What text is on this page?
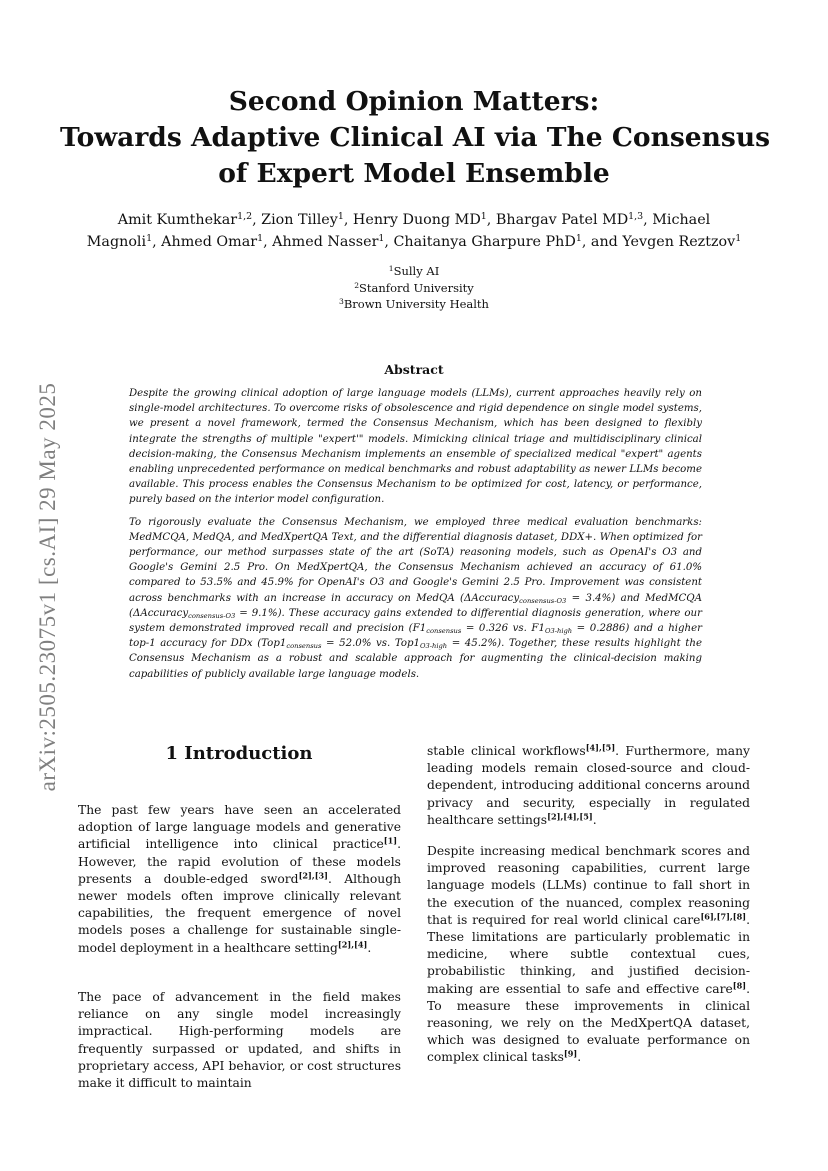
arXiv:2505.23075v1 [cs.AI] 29 May 2025
Second Opinion Matters:
Towards Adaptive Clinical AI via The Consensus
of Expert Model Ensemble
Amit Kumthekar$^{1,2}$, Zion Tilley$^1$, Henry Duong $MD^1$, Bhargav Patel MD$^{1,3}$, Michael
Magnoli$^1$, Ahmed Omar$^1$, Ahmed Nasser$^1$, Chaitanya Gharpure PhD$^1$, and Yevgen Reztzov$^1$
$^1$Sully AI
$^2$Stanford University
$^3$Brown University Health
Abstract

Despite the growing clinical adoption of large language models (LLMs), current approaches heavily rely on single-model architectures. To overcome risks of obsolescence and rigid dependence on single model systems, we present a novel framework, termed the Consensus Mechanism, which has been designed to flexibly integrate the strengths of multiple "expert'" models. Mimicking clinical triage and multidisciplinary clinical decision-making, the Consensus Mechanism implements an ensemble of specialized medical "expert" agents enabling unprecedented performance on medical benchmarks and robust adaptability as newer LLMs become available. This process enables the Consensus Mechanism to be optimized for cost, latency, or performance, purely based on the interior model configuration.

To rigorously evaluate the Consensus Mechanism, we employed three medical evaluation benchmarks: MedMCQA, MedQA, and MedXpertQA Text, and the differential diagnosis dataset, DDX+. When optimized for performance, our method surpasses state of the art (SoTA) reasoning models, such as OpenAI's O3 and Google's Gemini 2.5 Pro. On MedXpertQA, the Consensus Mechanism achieved an accuracy of 61.0% compared to 53.5% and 45.9% for OpenAI's O3 and Google's Gemini 2.5 Pro. Improvement was consistent across benchmarks with an increase in accuracy on MedQA (ΔAccuracy$_{consensus-O3}$ = 3.4%) and MedMCQA (ΔAccuracy$_{consensus-O3}$ = 9.1%). These accuracy gains extended to differential diagnosis generation, where our system demonstrated improved recall and precision ($F1_{consensus} = 0.326$ vs. $F1_{O3-high} = 0.2886$) and a higher top-1 accuracy for DDx ($Top1_{consensus} = 52.0\%$ vs. $Top1_{O3-high} = 45.2\%$). Together, these results highlight the Consensus Mechanism as a robust and scalable approach for augmenting the clinical-decision making capabilities of publicly available large language models.

1 Introduction

The past few years have seen an accelerated adoption of large language models and generative artificial intelligence into clinical practice[1]. However, the rapid evolution of these models presents a double-edged sword[2],[3]. Although newer models often improve clinically relevant capabilities, the frequent emergence of novel models poses a challenge for sustainable single-model deployment in a healthcare setting[2],[4].

The pace of advancement in the field makes reliance on any single model increasingly impractical. High-performing models are frequently surpassed or updated, and shifts in proprietary access, API behavior, or cost structures make it difficult to maintain

stable clinical workflows[4],[5]. Furthermore, many leading models remain closed-source and cloud-dependent, introducing additional concerns around privacy and security, especially in regulated healthcare settings[2],[4],[5].

Despite increasing medical benchmark scores and improved reasoning capabilities, current large language models (LLMs) continue to fall short in the execution of the nuanced, complex reasoning that is required for real world clinical care[6],[7],[8]. These limitations are particularly problematic in medicine, where subtle contextual cues, probabilistic thinking, and justified decision-making are essential to safe and effective care[8]. To measure these improvements in clinical reasoning, we rely on the MedXpertQA dataset, which was designed to evaluate performance on complex clinical tasks[9].
